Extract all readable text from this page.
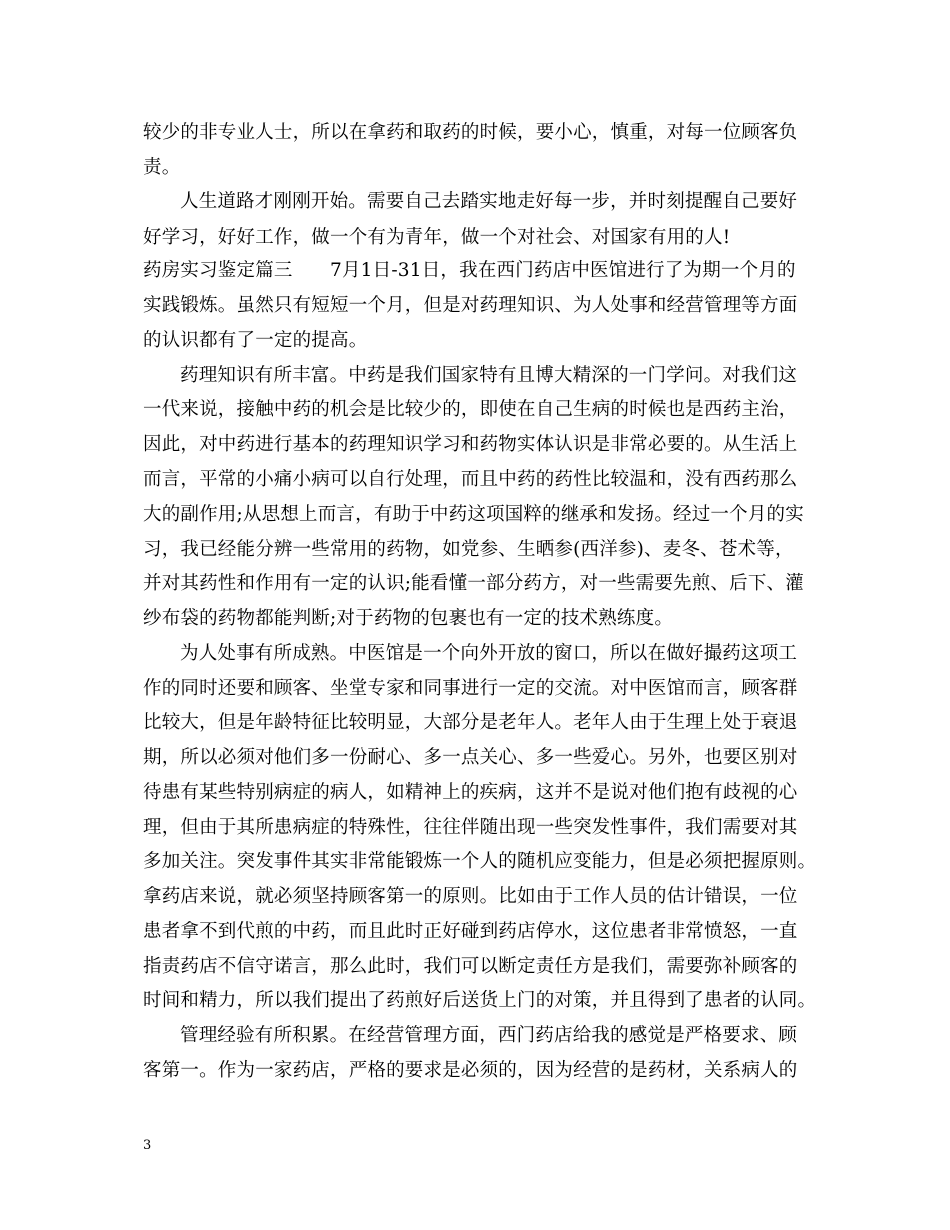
较少的非专业人士，所以在拿药和取药的时候，要小心，慎重，对每一位顾客负
责。
人生道路才刚刚开始。需要自己去踏实地走好每一步，并时刻提醒自己要好
好学习，好好工作，做一个有为青年，做一个对社会、对国家有用的人!
药房实习鉴定篇三　　7月1日-31日，我在西门药店中医馆进行了为期一个月的
实践锻炼。虽然只有短短一个月，但是对药理知识、为人处事和经营管理等方面
的认识都有了一定的提高。
药理知识有所丰富。中药是我们国家特有且博大精深的一门学问。对我们这
一代来说，接触中药的机会是比较少的，即使在自己生病的时候也是西药主治，
因此，对中药进行基本的药理知识学习和药物实体认识是非常必要的。从生活上
而言，平常的小痛小病可以自行处理，而且中药的药性比较温和，没有西药那么
大的副作用;从思想上而言，有助于中药这项国粹的继承和发扬。经过一个月的实
习，我已经能分辨一些常用的药物，如党参、生晒参(西洋参)、麦冬、苍术等，
并对其药性和作用有一定的认识;能看懂一部分药方，对一些需要先煎、后下、灌
纱布袋的药物都能判断;对于药物的包裹也有一定的技术熟练度。
为人处事有所成熟。中医馆是一个向外开放的窗口，所以在做好撮药这项工
作的同时还要和顾客、坐堂专家和同事进行一定的交流。对中医馆而言，顾客群
比较大，但是年龄特征比较明显，大部分是老年人。老年人由于生理上处于衰退
期，所以必须对他们多一份耐心、多一点关心、多一些爱心。另外，也要区别对
待患有某些特别病症的病人，如精神上的疾病，这并不是说对他们抱有歧视的心
理，但由于其所患病症的特殊性，往往伴随出现一些突发性事件，我们需要对其
多加关注。突发事件其实非常能锻炼一个人的随机应变能力，但是必须把握原则。
拿药店来说，就必须坚持顾客第一的原则。比如由于工作人员的估计错误，一位
患者拿不到代煎的中药，而且此时正好碰到药店停水，这位患者非常愤怒，一直
指责药店不信守诺言，那么此时，我们可以断定责任方是我们，需要弥补顾客的
时间和精力，所以我们提出了药煎好后送货上门的对策，并且得到了患者的认同。
管理经验有所积累。在经营管理方面，西门药店给我的感觉是严格要求、顾
客第一。作为一家药店，严格的要求是必须的，因为经营的是药材，关系病人的
3
